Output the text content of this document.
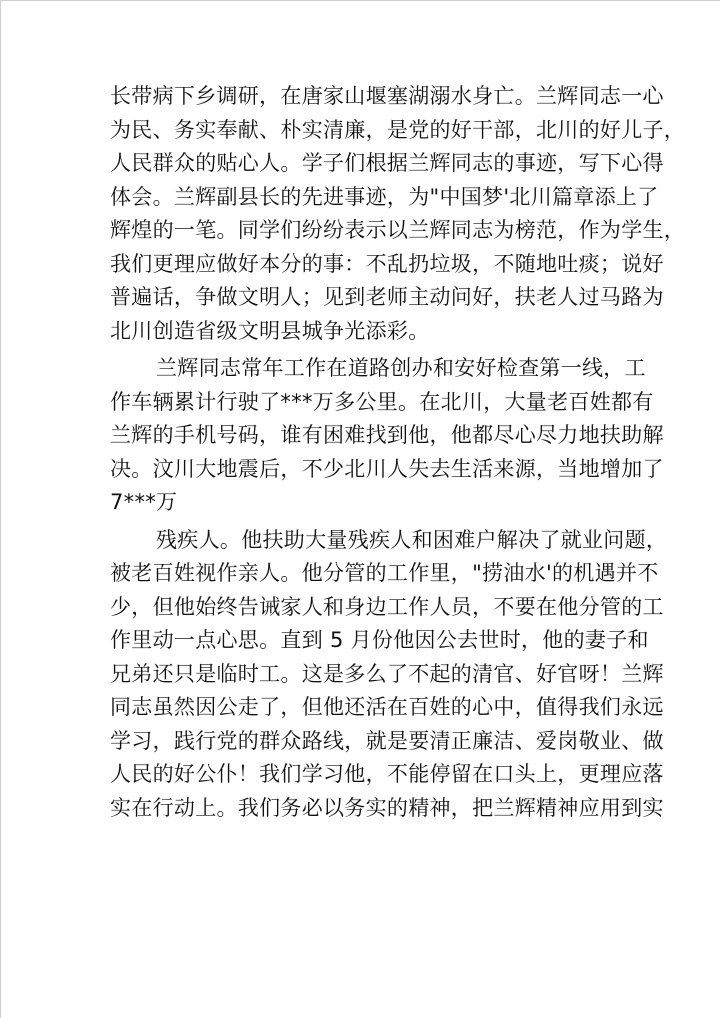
长带病下乡调研，在唐家山堰塞湖溺水身亡。兰辉同志一心
为民、务实奉献、朴实清廉，是党的好干部，北川的好儿子，
人民群众的贴心人。学子们根据兰辉同志的事迹，写下心得
体会。兰辉副县长的先进事迹，为"中国梦'北川篇章添上了
辉煌的一笔。同学们纷纷表示以兰辉同志为榜范，作为学生，
我们更理应做好本分的事：不乱扔垃圾，不随地吐痰；说好
普遍话，争做文明人；见到老师主动问好，扶老人过马路为
北川创造省级文明县城争光添彩。
兰辉同志常年工作在道路创办和安好检查第一线，工
作车辆累计行驶了***万多公里。在北川，大量老百姓都有
兰辉的手机号码，谁有困难找到他，他都尽心尽力地扶助解
决。汶川大地震后，不少北川人失去生活来源，当地增加了
7***万
残疾人。他扶助大量残疾人和困难户解决了就业问题，
被老百姓视作亲人。他分管的工作里，"捞油水'的机遇并不
少，但他始终告诫家人和身边工作人员，不要在他分管的工
作里动一点心思。直到 5 月份他因公去世时，他的妻子和
兄弟还只是临时工。这是多么了不起的清官、好官呀！兰辉
同志虽然因公走了，但他还活在百姓的心中，值得我们永远
学习，践行党的群众路线，就是要清正廉洁、爱岗敬业、做
人民的好公仆！我们学习他，不能停留在口头上，更理应落
实在行动上。我们务必以务实的精神，把兰辉精神应用到实
